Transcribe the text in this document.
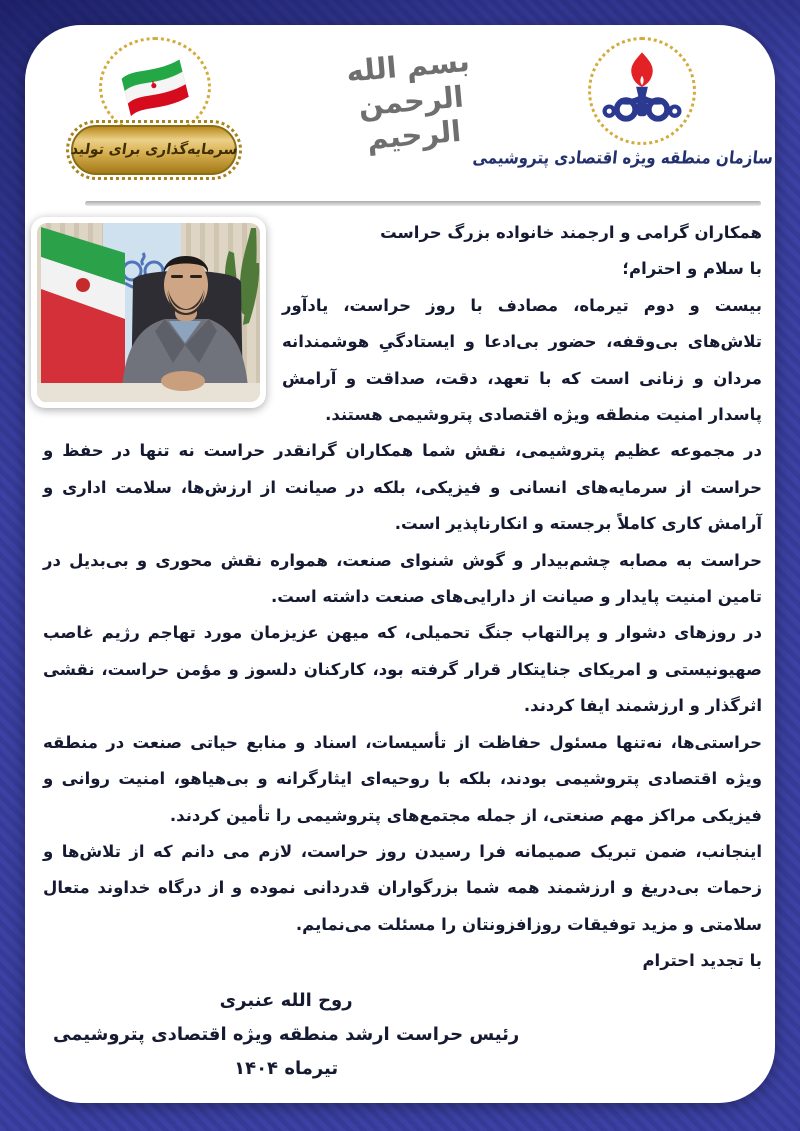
سرمایه‌گذاری برای تولید
بسم الله الرحمن الرحیم
سازمان منطقه ویژه اقتصادی پتروشیمی

همکاران گرامی و ارجمند خانواده بزرگ حراست

با سلام و احترام؛

بیست و دوم تیرماه، مصادف با روز حراست، یادآور تلاش‌های بی‌وقفه، حضور بی‌ادعا و ایستادگیِ هوشمندانه مردان و زنانی است که با تعهد، دقت، صداقت و آرامش پاسدار امنیت منطقه ویژه اقتصادی پتروشیمی هستند.

در مجموعه عظیم پتروشیمی، نقش شما همکاران گرانقدر حراست نه تنها در حفظ و حراست از سرمایه‌های انسانی و فیزیکی، بلکه در صیانت از ارزش‌ها، سلامت اداری و آرامش کاری کاملاً برجسته و انکارناپذیر است.

حراست به مصابه چشم‌بیدار و گوش شنوای صنعت، همواره نقش محوری و بی‌بدیل در تامین امنیت پایدار و صیانت از دارایی‌های صنعت داشته است.

در روزهای دشوار و پرالتهاب جنگ تحمیلی، که میهن عزیزمان مورد تهاجم رژیم غاصب صهیونیستی و امریکای جنایتکار قرار گرفته بود، کارکنان دلسوز و مؤمن حراست، نقشی اثرگذار و ارزشمند ایفا کردند.

حراستی‌ها، نه‌تنها مسئول حفاظت از تأسیسات، اسناد و منابع حیاتی صنعت در منطقه ویژه اقتصادی پتروشیمی بودند، بلکه با روحیه‌ای ایثارگرانه و بی‌هیاهو، امنیت روانی و فیزیکی مراکز مهم صنعتی، از جمله مجتمع‌های پتروشیمی را تأمین کردند.

اینجانب، ضمن تبریک صمیمانه فرا رسیدن روز حراست، لازم می دانم که از تلاش‌ها و زحمات بی‌دریغ و ارزشمند همه شما بزرگواران قدردانی نموده و از درگاه خداوند متعال سلامتی و مزید توفیقات روزافزونتان را مسئلت می‌نمایم.

با تجدید احترام

روح الله عنبری
رئیس حراست ارشد منطقه ویژه اقتصادی پتروشیمی
تیرماه ۱۴۰۴
